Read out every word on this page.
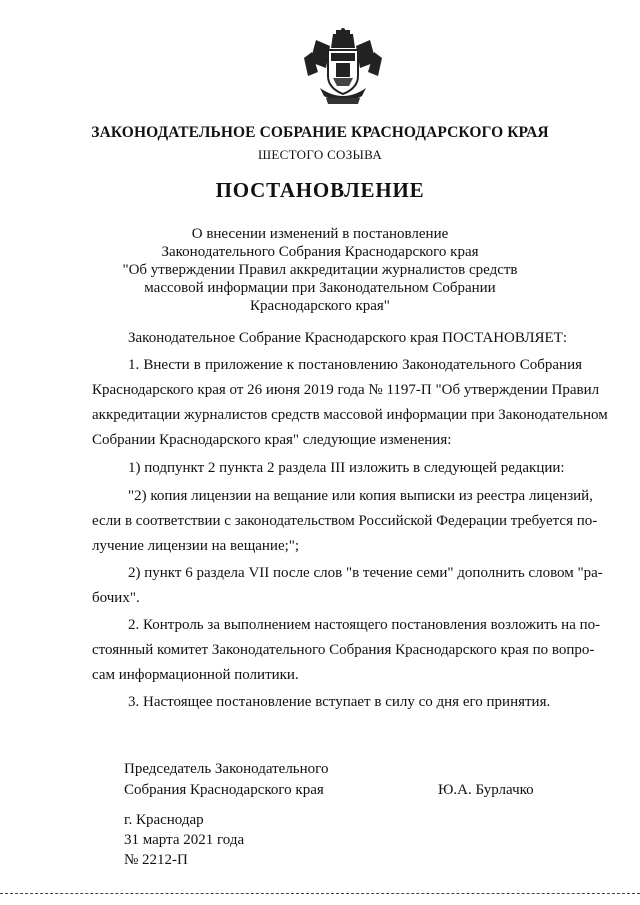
ЗАКОНОДАТЕЛЬНОЕ СОБРАНИЕ КРАСНОДАРСКОГО КРАЯ
ШЕСТОГО СОЗЫВА
ПОСТАНОВЛЕНИЕ
О внесении изменений в постановление
Законодательного Собрания Краснодарского края
"Об утверждении Правил аккредитации журналистов средств
массовой информации при Законодательном Собрании
Краснодарского края"
Законодательное Собрание Краснодарского края ПОСТАНОВЛЯЕТ:
1. Внести в приложение к постановлению Законодательного Собрания
Краснодарского края от 26 июня 2019 года № 1197-П "Об утверждении Правил
аккредитации журналистов средств массовой информации при Законодательном
Собрании Краснодарского края" следующие изменения:
1) подпункт 2 пункта 2 раздела III изложить в следующей редакции:
"2) копия лицензии на вещание или копия выписки из реестра лицензий,
если в соответствии с законодательством Российской Федерации требуется по-
лучение лицензии на вещание;";
2) пункт 6 раздела VII после слов "в течение семи" дополнить словом "ра-
бочих".
2. Контроль за выполнением настоящего постановления возложить на по-
стоянный комитет Законодательного Собрания Краснодарского края по вопро-
сам информационной политики.
3. Настоящее постановление вступает в силу со дня его принятия.
Председатель Законодательного
Собрания Краснодарского края	Ю.А. Бурлачко
г. Краснодар
31 марта 2021 года
№ 2212-П
